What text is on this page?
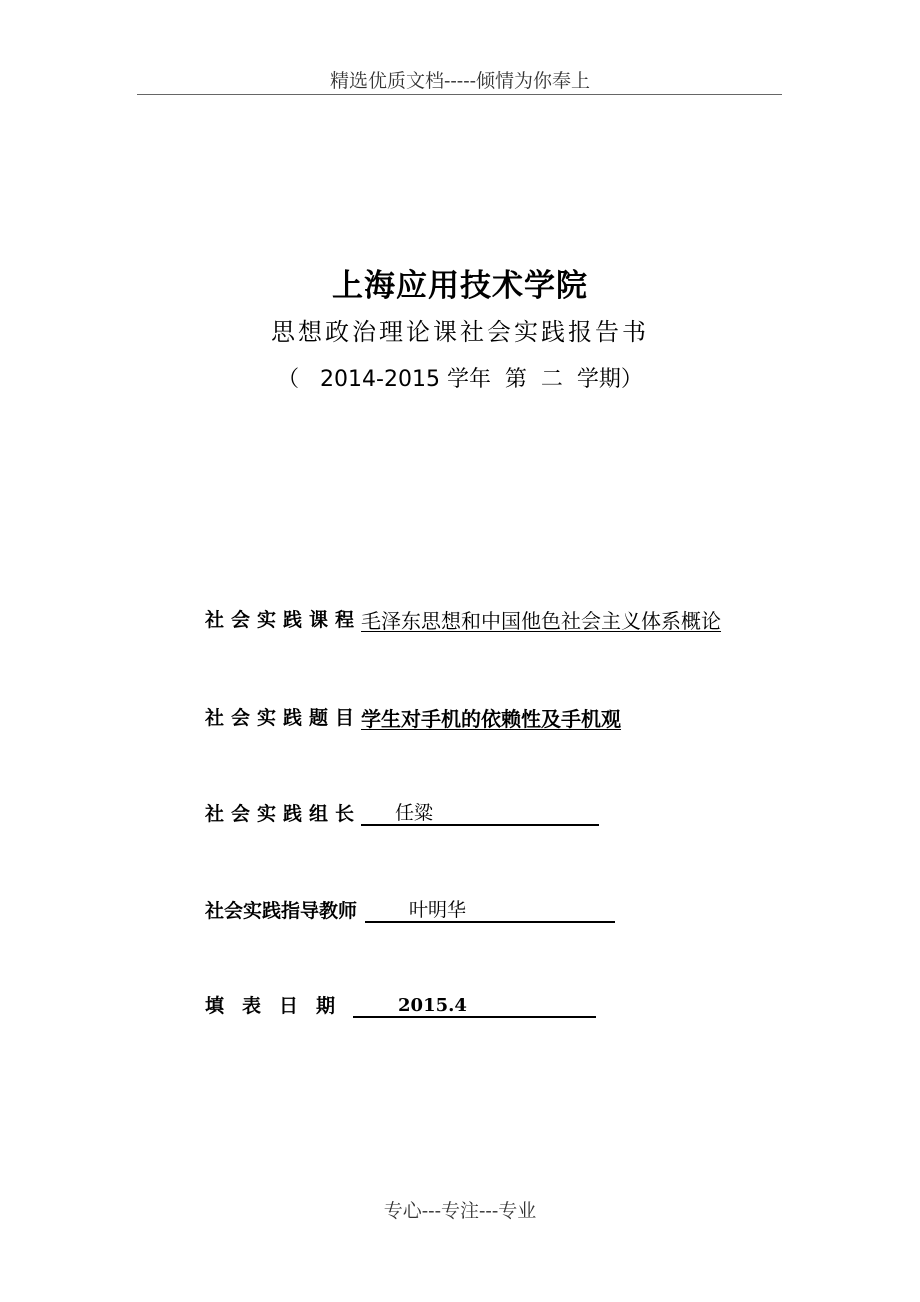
精选优质文档-----倾情为你奉上
上海应用技术学院
思想政治理论课社会实践报告书
（   2014-2015 学年  第  二  学期）
社会实践课程 毛泽东思想和中国他色社会主义体系概论
社会实践题目 学生对手机的依赖性及手机观
社会实践组长	任粱
社会实践指导教师	叶明华
填表日期	2015.4
专心---专注---专业
